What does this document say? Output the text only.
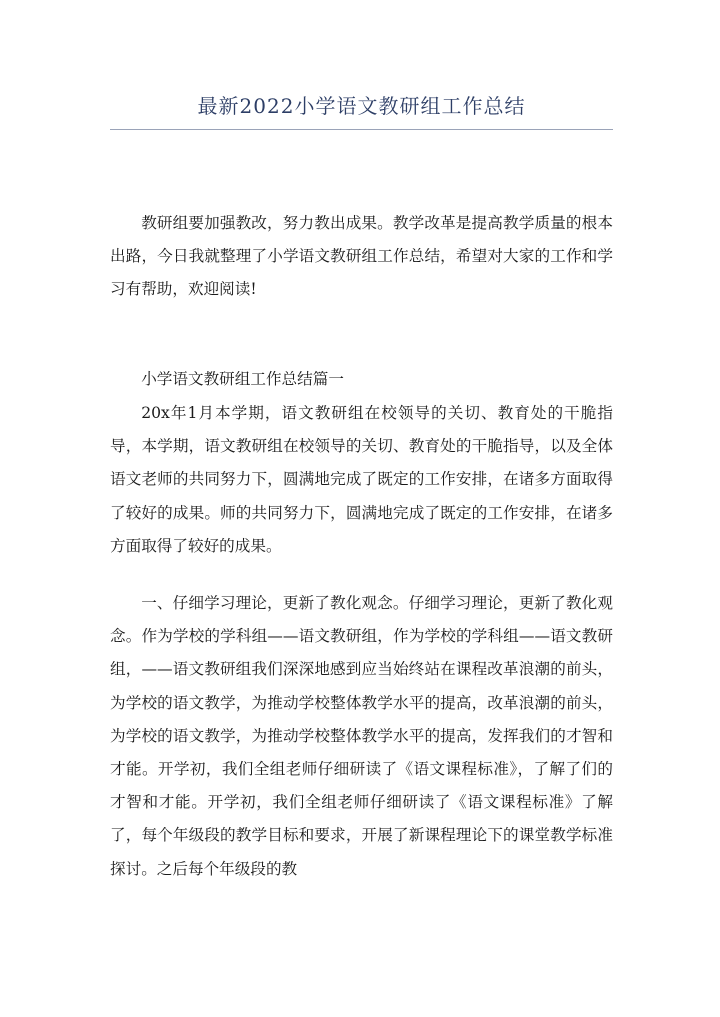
最新2022小学语文教研组工作总结

教研组要加强教改，努力教出成果。教学改革是提高教学质量的根本出路，今日我就整理了小学语文教研组工作总结，希望对大家的工作和学习有帮助，欢迎阅读!

小学语文教研组工作总结篇一

20x年1月本学期，语文教研组在校领导的关切、教育处的干脆指导，本学期，语文教研组在校领导的关切、教育处的干脆指导，以及全体语文老师的共同努力下，圆满地完成了既定的工作安排，在诸多方面取得了较好的成果。师的共同努力下，圆满地完成了既定的工作安排，在诸多方面取得了较好的成果。

一、仔细学习理论，更新了教化观念。仔细学习理论，更新了教化观念。作为学校的学科组——语文教研组，作为学校的学科组——语文教研组，——语文教研组我们深深地感到应当始终站在课程改革浪潮的前头，为学校的语文教学，为推动学校整体教学水平的提高，改革浪潮的前头，为学校的语文教学，为推动学校整体教学水平的提高，发挥我们的才智和才能。开学初，我们全组老师仔细研读了《语文课程标准》，了解了们的才智和才能。开学初，我们全组老师仔细研读了《语文课程标准》了解了，每个年级段的教学目标和要求，开展了新课程理论下的课堂教学标准探讨。之后每个年级段的教
